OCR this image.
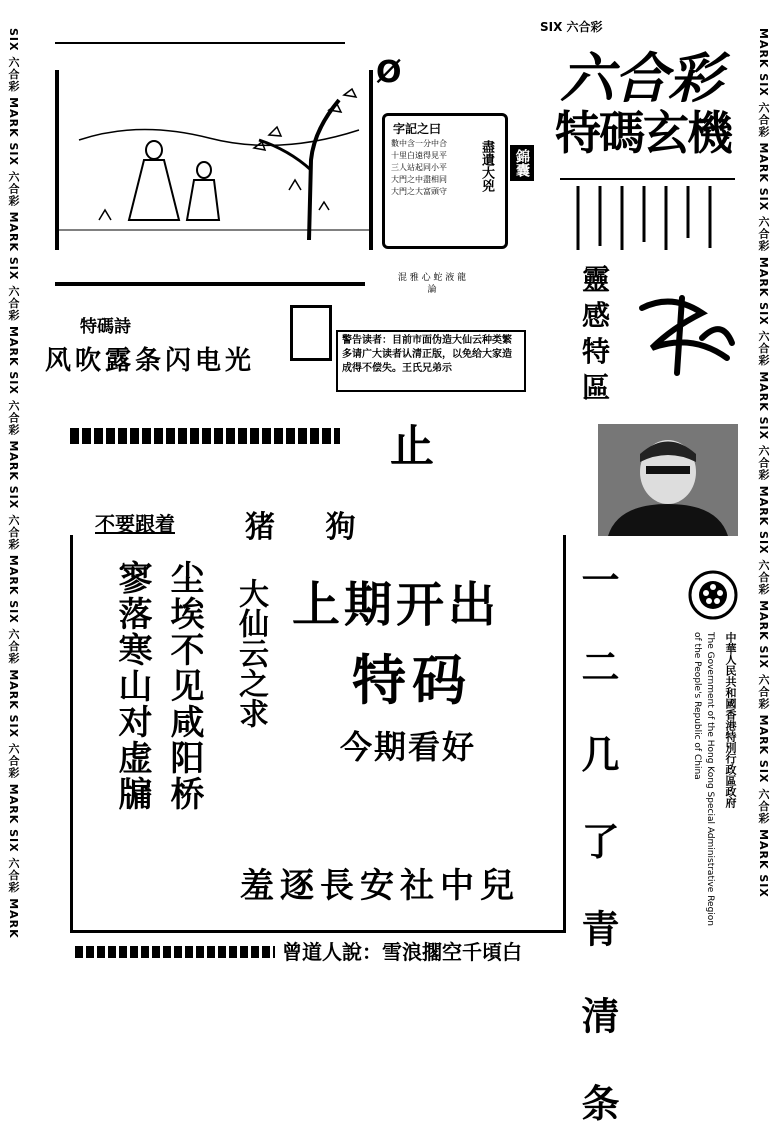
SIX 六合彩 MARK SIX 六合彩 MARK SIX 六合彩 MARK SIX 六合彩 MARK SIX 六合彩 MARK SIX 六合彩 MARK SIX 六合彩 MARK SIX 六合彩 MARK	MARK SIX 六合彩 MARK SIX 六合彩 MARK SIX 六合彩 MARK SIX 六合彩 MARK SIX 六合彩 MARK SIX 六合彩 MARK SIX 六合彩 MARK SIX
SIX 六合彩
Ø
字記之曰
數中含一分中合
十里白遠得見平
三人站起同小平
大門之中盡相同
大門之大富頭守	盡遺大兇 錦囊
六合彩
特碼玄機
靈
感
特
區
特碼詩
风吹露条闪电光
混 雅 心 蛇 液 龍 論
警告读者：目前市面伪造大仙云种类繁多请广大读者认清正版，以免给大家造成得不偿失。王氏兄弟示
止
不要跟着 猪 狗
寥落寒山对虚牖 尘埃不见咸阳桥 大仙云之求 上期开出
特码
今期看好
羞逐長安社中兒 一 二 几 了 青 清 条	中華人民共和國香港特別行政區政府
The Government of the Hong Kong Special Administrative Region
of the People's Republic of China
曾道人說：雪浪擱空千頃白
